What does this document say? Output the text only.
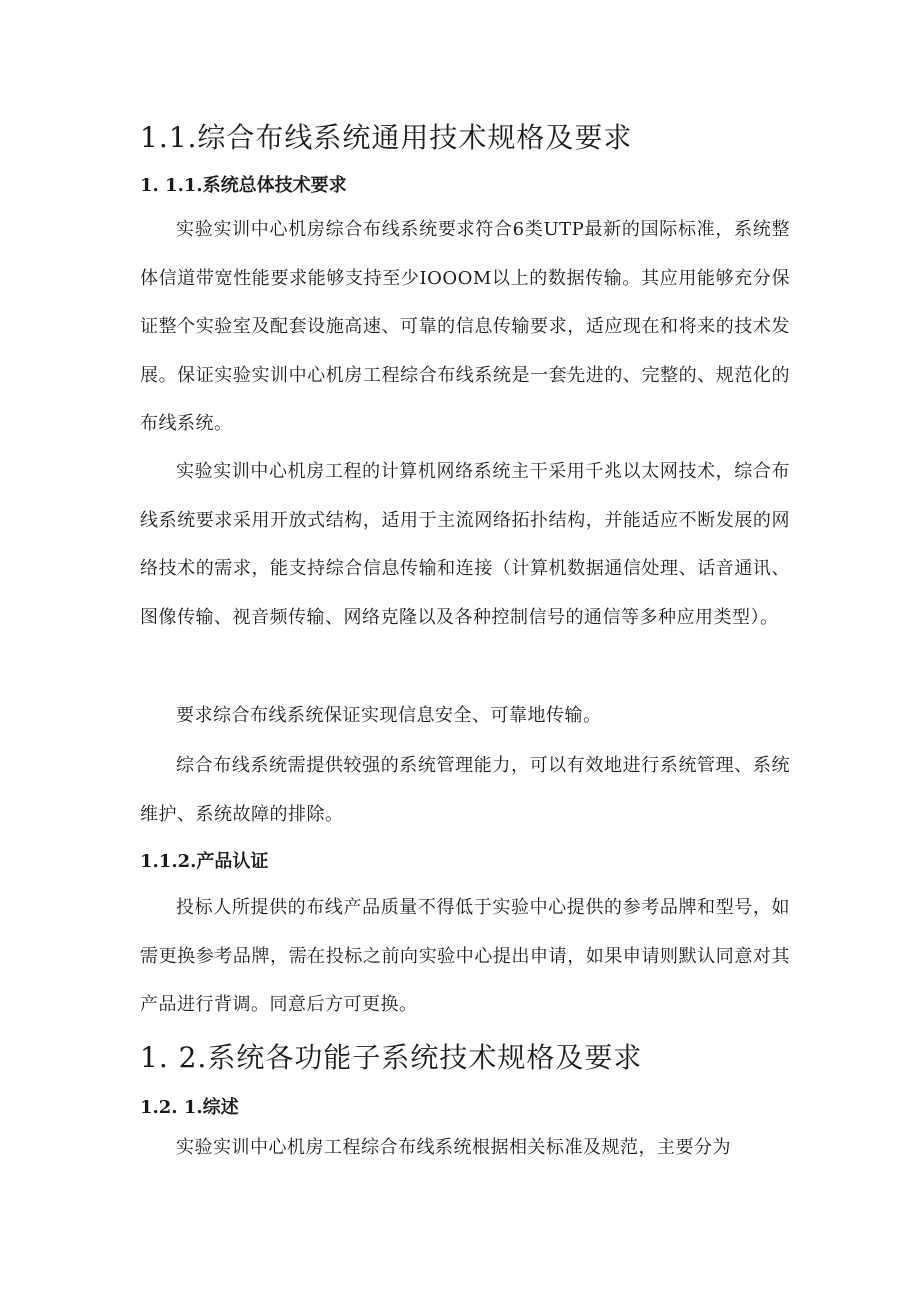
1.1.综合布线系统通用技术规格及要求
1. 1.1.系统总体技术要求

实验实训中心机房综合布线系统要求符合6类UTP最新的国际标准，系统整体信道带宽性能要求能够支持至少IOOOM以上的数据传输。其应用能够充分保证整个实验室及配套设施高速、可靠的信息传输要求，适应现在和将来的技术发展。保证实验实训中心机房工程综合布线系统是一套先进的、完整的、规范化的布线系统。

实验实训中心机房工程的计算机网络系统主干采用千兆以太网技术，综合布线系统要求采用开放式结构，适用于主流网络拓扑结构，并能适应不断发展的网络技术的需求，能支持综合信息传输和连接（计算机数据通信处理、话音通讯、图像传输、视音频传输、网络克隆以及各种控制信号的通信等多种应用类型）。

要求综合布线系统保证实现信息安全、可靠地传输。

综合布线系统需提供较强的系统管理能力，可以有效地进行系统管理、系统维护、系统故障的排除。

1.1.2.产品认证

投标人所提供的布线产品质量不得低于实验中心提供的参考品牌和型号，如需更换参考品牌，需在投标之前向实验中心提出申请，如果申请则默认同意对其产品进行背调。同意后方可更换。

1. 2.系统各功能子系统技术规格及要求
1.2. 1.综述

实验实训中心机房工程综合布线系统根据相关标准及规范，主要分为
